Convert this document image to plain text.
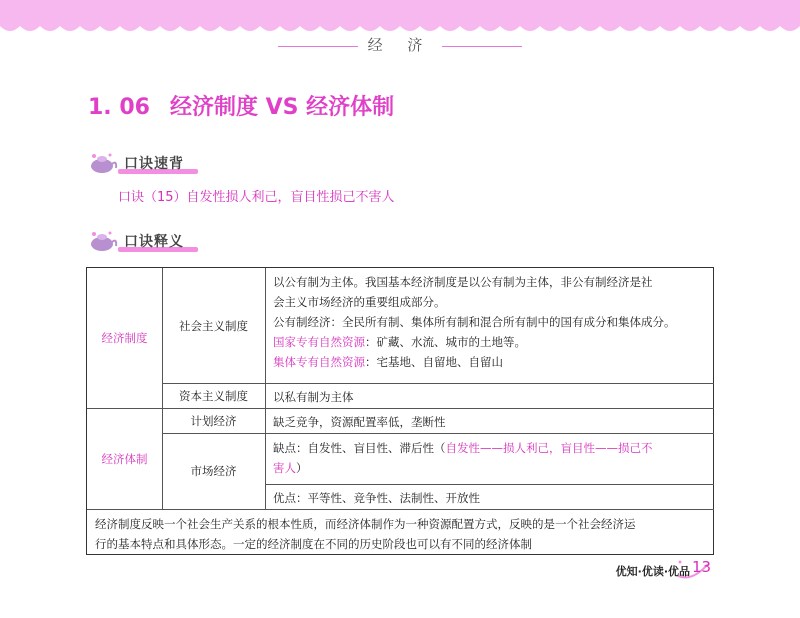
经 济
1. 06 经济制度 VS 经济体制
口诀速背
口诀（15）自发性损人利己，盲目性损己不害人
口诀释义
经济制度
社会主义制度

以公有制为主体。我国基本经济制度是以公有制为主体，非公有制经济是社

会主义市场经济的重要组成部分。

公有制经济：全民所有制、集体所有制和混合所有制中的国有成分和集体成分。

国家专有自然资源：矿藏、水流、城市的土地等。

集体专有自然资源：宅基地、自留地、自留山

资本主义制度	以私有制为主体
经济体制
计划经济	缺乏竞争，资源配置率低，垄断性
市场经济

缺点：自发性、盲目性、滞后性（自发性——损人利己，盲目性——损己不

害人）

优点：平等性、竞争性、法制性、开放性

经济制度反映一个社会生产关系的根本性质，而经济体制作为一种资源配置方式，反映的是一个社会经济运

行的基本特点和具体形态。一定的经济制度在不同的历史阶段也可以有不同的经济体制

优知·优读·优品 13
